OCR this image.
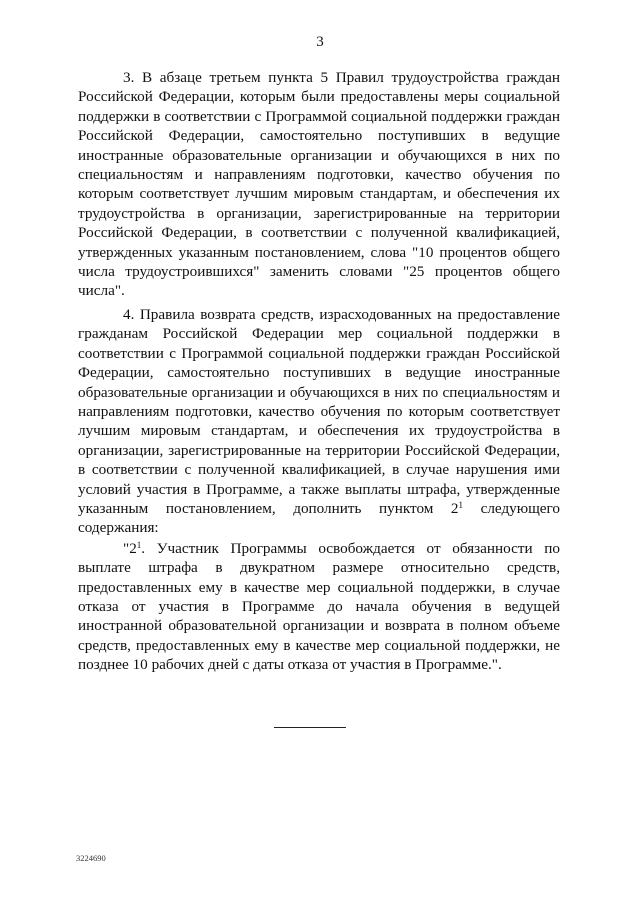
3

3. В абзаце третьем пункта 5 Правил трудоустройства граждан Российской Федерации, которым были предоставлены меры социальной поддержки в соответствии с Программой социальной поддержки граждан Российской Федерации, самостоятельно поступивших в ведущие иностранные образовательные организации и обучающихся в них по специальностям и направлениям подготовки, качество обучения по которым соответствует лучшим мировым стандартам, и обеспечения их трудоустройства в организации, зарегистрированные на территории Российской Федерации, в соответствии с полученной квалификацией, утвержденных указанным постановлением, слова "10 процентов общего числа трудоустроившихся" заменить словами "25 процентов общего числа".

4. Правила возврата средств, израсходованных на предоставление гражданам Российской Федерации мер социальной поддержки в соответствии с Программой социальной поддержки граждан Российской Федерации, самостоятельно поступивших в ведущие иностранные образовательные организации и обучающихся в них по специальностям и направлениям подготовки, качество обучения по которым соответствует лучшим мировым стандартам, и обеспечения их трудоустройства в организации, зарегистрированные на территории Российской Федерации, в соответствии с полученной квалификацией, в случае нарушения ими условий участия в Программе, а также выплаты штрафа, утвержденные указанным постановлением, дополнить пунктом $2^1$ следующего содержания:

"$2^1$. Участник Программы освобождается от обязанности по выплате штрафа в двукратном размере относительно средств, предоставленных ему в качестве мер социальной поддержки, в случае отказа от участия в Программе до начала обучения в ведущей иностранной образовательной организации и возврата в полном объеме средств, предоставленных ему в качестве мер социальной поддержки, не позднее 10 рабочих дней с даты отказа от участия в Программе.".

3224690
